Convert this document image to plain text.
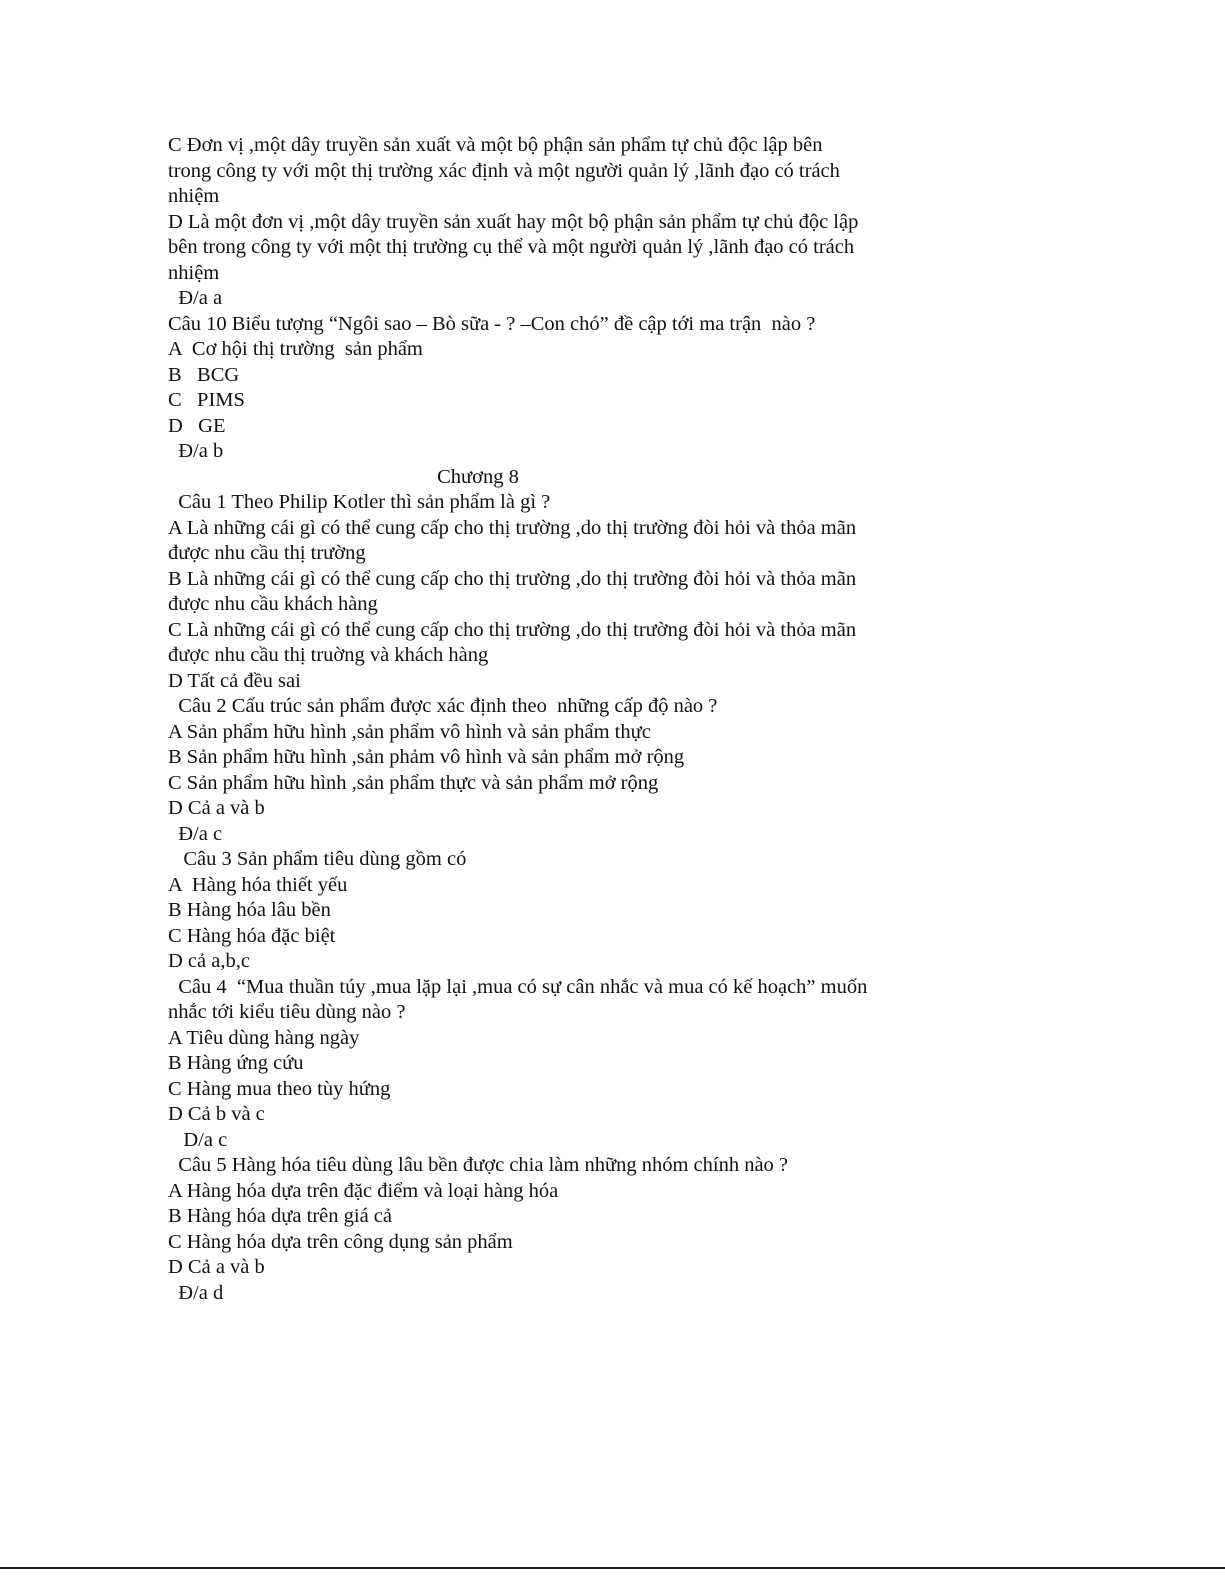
C Đơn vị ,một dây truyền sản xuất và một bộ phận sản phẩm tự chủ độc lập bên
trong công ty với một thị trường xác định và một người quản lý ,lãnh đạo có trách
nhiệm
D Là một đơn vị ,một dây truyền sản xuất hay một bộ phận sản phẩm tự chủ độc lập
bên trong công ty với một thị trường cụ thể và một người quản lý ,lãnh đạo có trách
nhiệm
Đ/a a
Câu 10 Biểu tượng “Ngôi sao – Bò sữa - ? –Con chó” đề cập tới ma trận  nào ?
A  Cơ hội thị trường  sản phẩm
B   BCG
C   PIMS
D   GE
Đ/a b
Chương 8
Câu 1 Theo Philip Kotler thì sản phẩm là gì ?
A Là những cái gì có thể cung cấp cho thị trường ,do thị trường đòi hỏi và thỏa mãn
được nhu cầu thị trường
B Là những cái gì có thể cung cấp cho thị trường ,do thị trường đòi hỏi và thỏa mãn
được nhu cầu khách hàng
C Là những cái gì có thể cung cấp cho thị trường ,do thị trường đòi hỏi và thỏa mãn
được nhu cầu thị truờng và khách hàng
D Tất cả đều sai
Câu 2 Cấu trúc sản phẩm được xác định theo  những cấp độ nào ?
A Sản phẩm hữu hình ,sản phẩm vô hình và sản phẩm thực
B Sản phẩm hữu hình ,sản phảm vô hình và sản phẩm mở rộng
C Sản phẩm hữu hình ,sản phẩm thực và sản phẩm mở rộng
D Cả a và b
Đ/a c
Câu 3 Sản phẩm tiêu dùng gồm có
A  Hàng hóa thiết yếu
B Hàng hóa lâu bền
C Hàng hóa đặc biệt
D cả a,b,c
Câu 4  “Mua thuần túy ,mua lặp lại ,mua có sự cân nhắc và mua có kế hoạch” muốn
nhắc tới kiểu tiêu dùng nào ?
A Tiêu dùng hàng ngày
B Hàng ứng cứu
C Hàng mua theo tùy hứng
D Cả b và c
D/a c
Câu 5 Hàng hóa tiêu dùng lâu bền được chia làm những nhóm chính nào ?
A Hàng hóa dựa trên đặc điểm và loại hàng hóa
B Hàng hóa dựa trên giá cả
C Hàng hóa dựa trên công dụng sản phẩm
D Cả a và b
Đ/a d
